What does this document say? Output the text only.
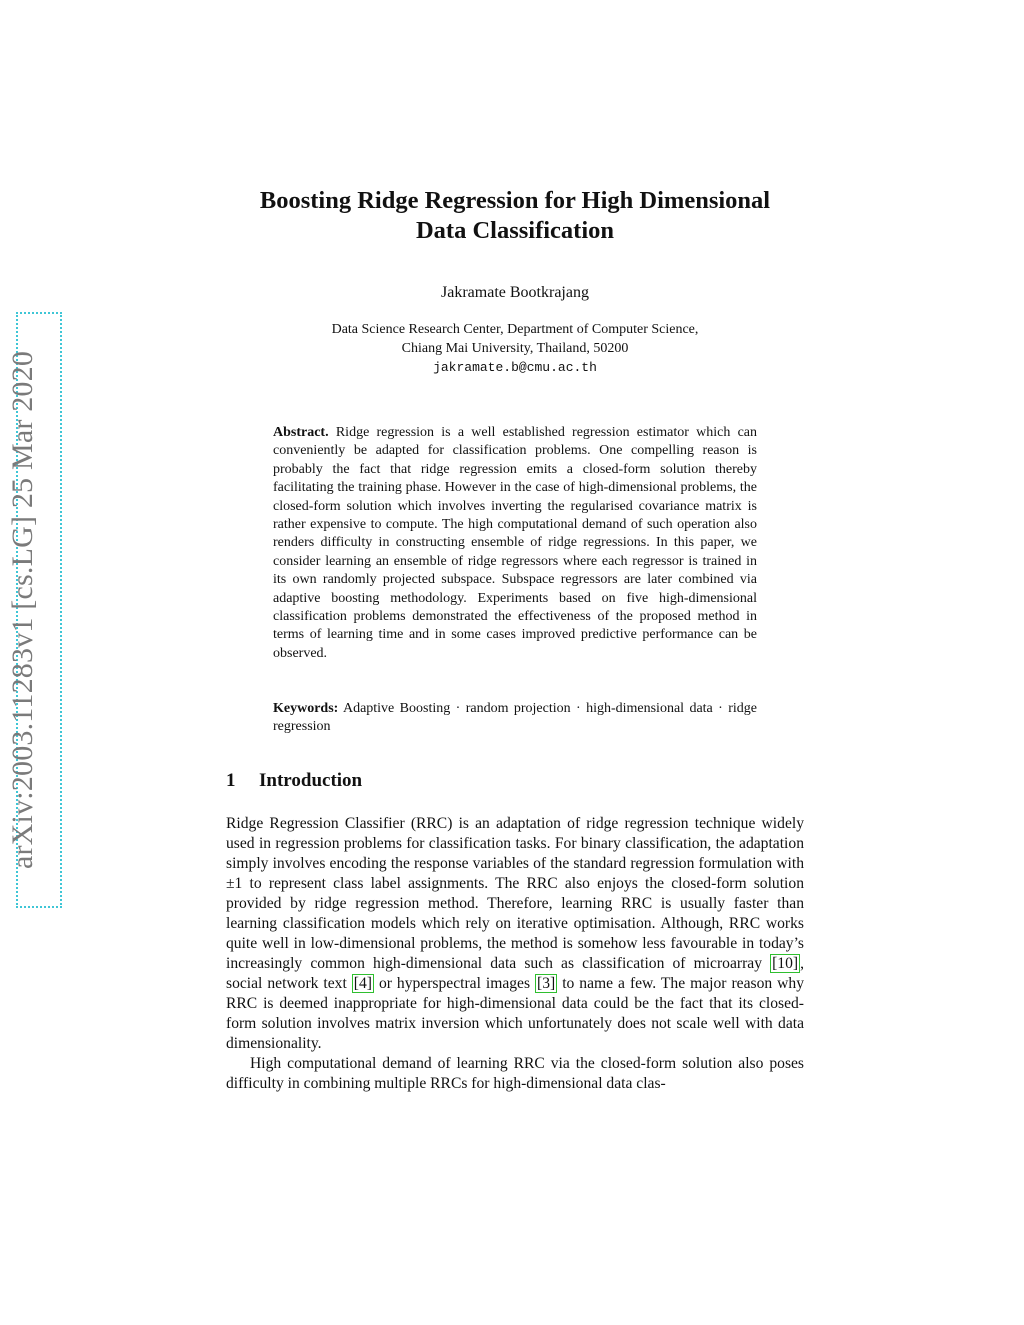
arXiv:2003.11283v1 [cs.LG] 25 Mar 2020
Boosting Ridge Regression for High Dimensional
Data Classification
Jakramate Bootkrajang
Data Science Research Center, Department of Computer Science,
Chiang Mai University, Thailand, 50200
jakramate.b@cmu.ac.th
Abstract. Ridge regression is a well established regression estimator which can conveniently be adapted for classification problems. One compelling reason is probably the fact that ridge regression emits a closed-form solution thereby facilitating the training phase. However in the case of high-dimensional problems, the closed-form solution which involves inverting the regularised covariance matrix is rather expensive to compute. The high computational demand of such operation also renders difficulty in constructing ensemble of ridge regressions. In this paper, we consider learning an ensemble of ridge regressors where each regressor is trained in its own randomly projected subspace. Subspace regressors are later combined via adaptive boosting methodology. Experiments based on five high-dimensional classification problems demonstrated the effectiveness of the proposed method in terms of learning time and in some cases improved predictive performance can be observed.
Keywords: Adaptive Boosting · random projection · high-dimensional data · ridge regression
1 Introduction

Ridge Regression Classifier (RRC) is an adaptation of ridge regression technique widely used in regression problems for classification tasks. For binary classification, the adaptation simply involves encoding the response variables of the standard regression formulation with ±1 to represent class label assignments. The RRC also enjoys the closed-form solution provided by ridge regression method. Therefore, learning RRC is usually faster than learning classification models which rely on iterative optimisation. Although, RRC works quite well in low-dimensional problems, the method is somehow less favourable in today’s increasingly common high-dimensional data such as classification of microarray [10] , social network text [4] or hyperspectral images [3] to name a few. The major reason why RRC is deemed inappropriate for high-dimensional data could be the fact that its closed-form solution involves matrix inversion which unfortunately does not scale well with data dimensionality.

High computational demand of learning RRC via the closed-form solution also poses difficulty in combining multiple RRCs for high-dimensional data clas-
